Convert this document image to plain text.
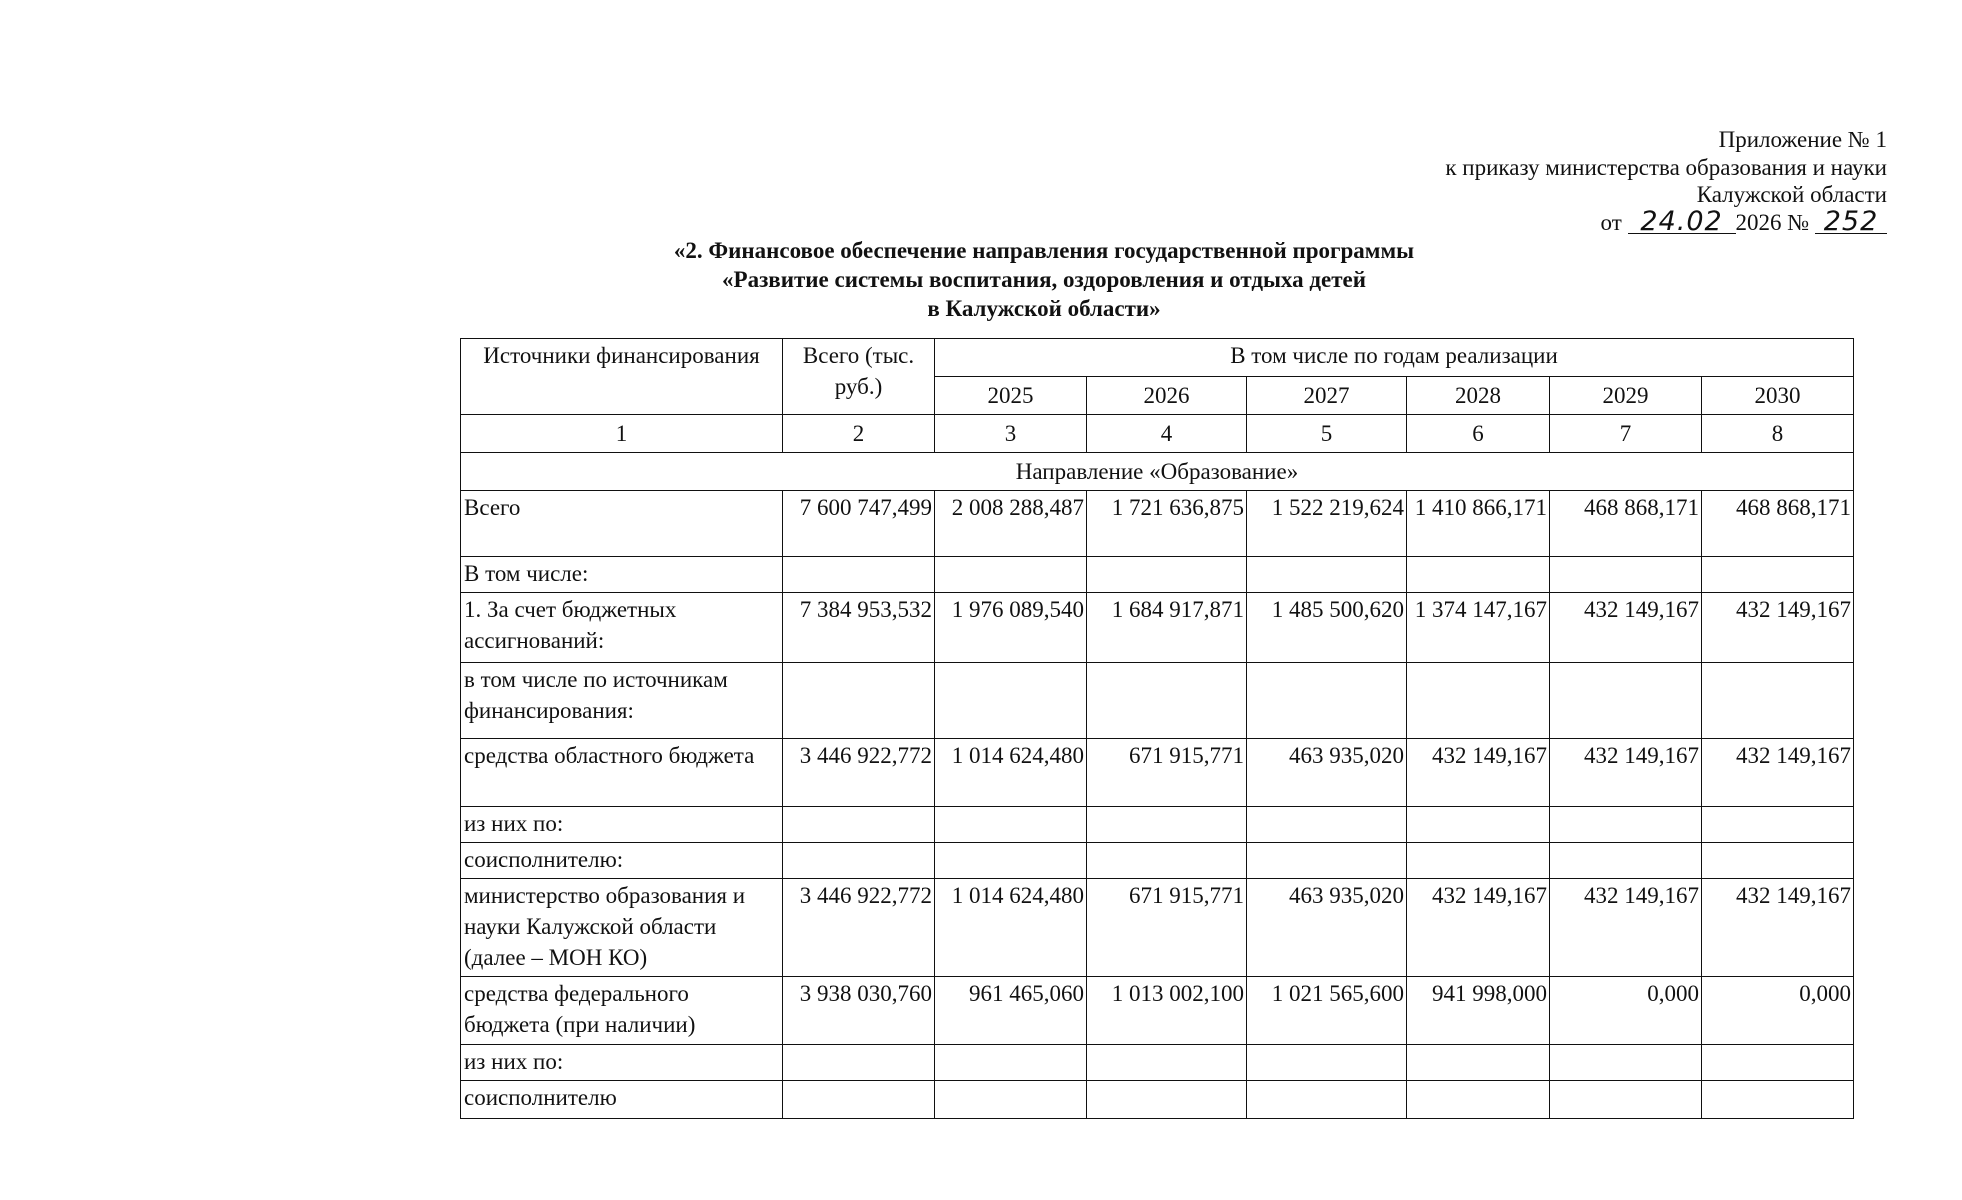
Приложение № 1
к приказу министерства образования и науки
Калужской области
от 24.02 2026 № 252
«2. Финансовое обеспечение направления государственной программы
«Развитие системы воспитания, оздоровления и отдыха детей
в Калужской области»
Источники финансирования	Всего (тыс. руб.)	В том числе по годам реализации					
		2025	2026	2027	2028	2029	2030
1	2	3	4	5	6	7	8
Направление «Образование»							
Всего	7 600 747,499	2 008 288,487	1 721 636,875	1 522 219,624	1 410 866,171	468 868,171	468 868,171
В том числе:							
1. За счет бюджетных ассигнований:	7 384 953,532	1 976 089,540	1 684 917,871	1 485 500,620	1 374 147,167	432 149,167	432 149,167
в том числе по источникам финансирования:							
средства областного бюджета	3 446 922,772	1 014 624,480	671 915,771	463 935,020	432 149,167	432 149,167	432 149,167
из них по:							
соисполнителю:							
министерство образования и науки Калужской области (далее – МОН КО)	3 446 922,772	1 014 624,480	671 915,771	463 935,020	432 149,167	432 149,167	432 149,167
средства федерального бюджета (при наличии)	3 938 030,760	961 465,060	1 013 002,100	1 021 565,600	941 998,000	0,000	0,000
из них по:							
соисполнителю							
